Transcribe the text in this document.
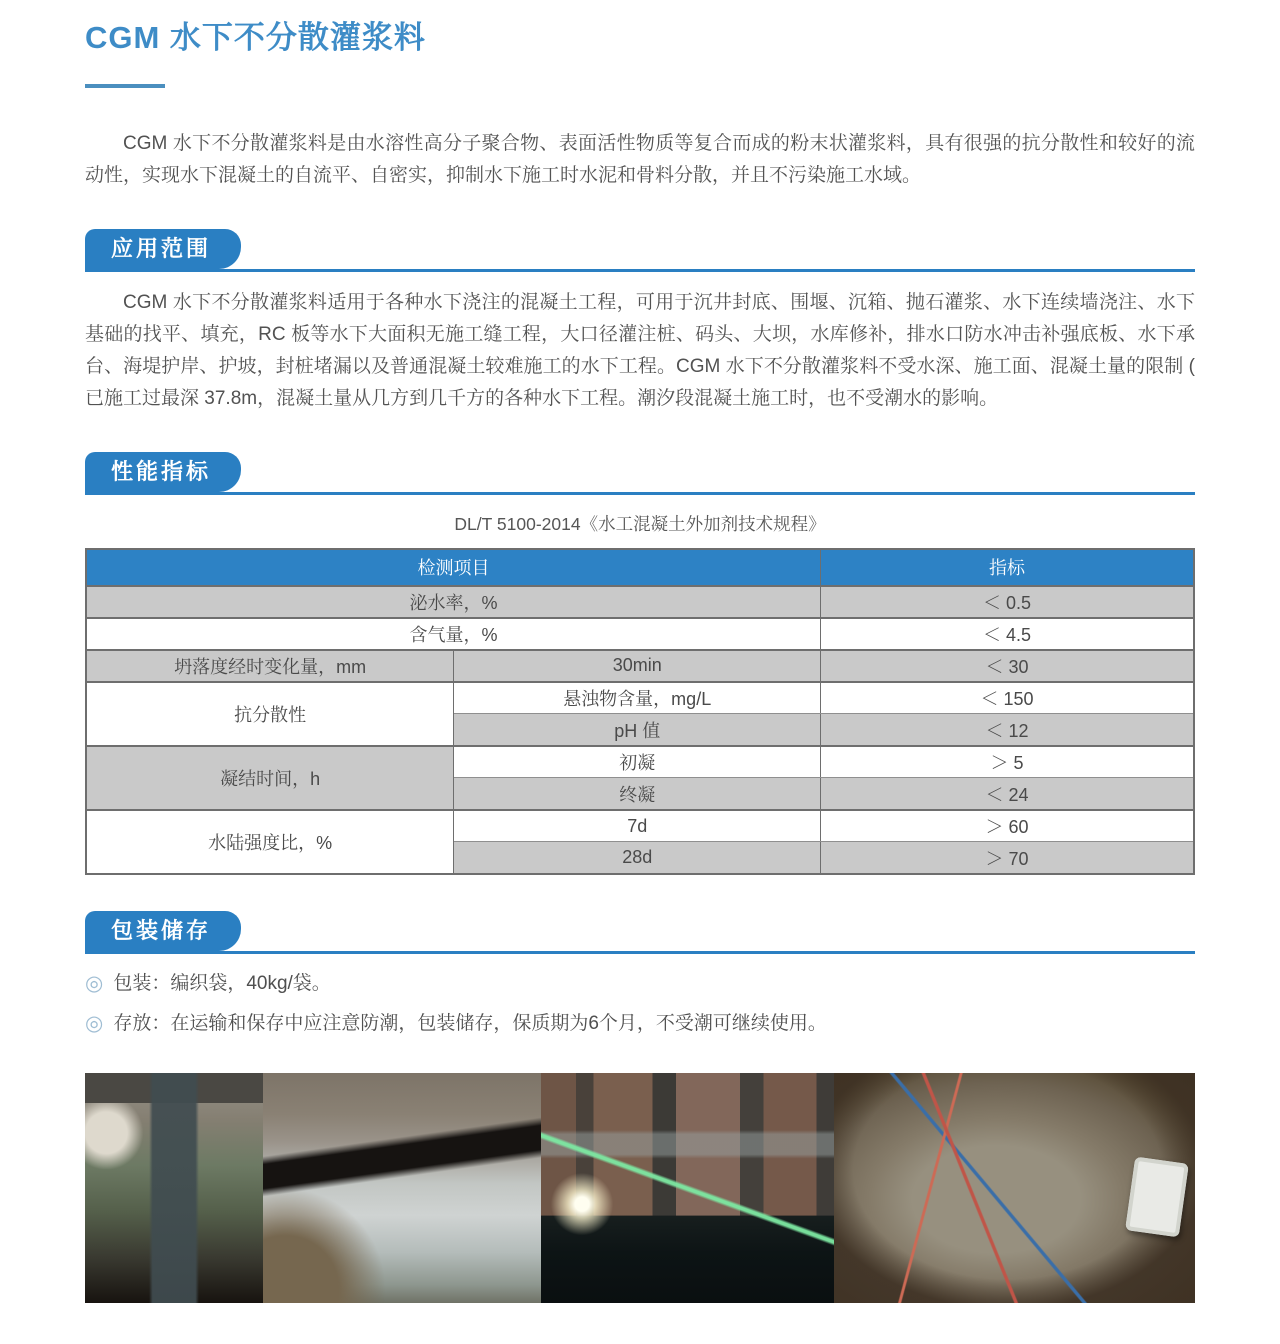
CGM 水下不分散灌浆料

CGM 水下不分散灌浆料是由水溶性高分子聚合物、表面活性物质等复合而成的粉末状灌浆料，具有很强的抗分散性和较好的流动性，实现水下混凝土的自流平、自密实，抑制水下施工时水泥和骨料分散，并且不污染施工水域。

应用范围

CGM 水下不分散灌浆料适用于各种水下浇注的混凝土工程，可用于沉井封底、围堰、沉箱、抛石灌浆、水下连续墙浇注、水下基础的找平、填充，RC 板等水下大面积无施工缝工程，大口径灌注桩、码头、大坝，水库修补，排水口防水冲击补强底板、水下承台、海堤护岸、护坡，封桩堵漏以及普通混凝土较难施工的水下工程。CGM 水下不分散灌浆料不受水深、施工面、混凝土量的限制 ( 已施工过最深 37.8m，混凝土量从几方到几千方的各种水下工程。潮汐段混凝土施工时，也不受潮水的影响。

性能指标
DL/T 5100-2014《水工混凝土外加剂技术规程》
检测项目		指标
泌水率，%		＜ 0.5
含气量，%		＜ 4.5
坍落度经时变化量，mm	30min	＜ 30
抗分散性	悬浊物含量，mg/L	＜ 150
	pH 值	＜ 12
凝结时间，h	初凝	＞ 5
	终凝	＜ 24
水陆强度比，%	7d	＞ 60
	28d	＞ 70
包装储存
◎ 包装：编织袋，40kg/袋。
◎ 存放：在运输和保存中应注意防潮，包装储存，保质期为6个月，不受潮可继续使用。
